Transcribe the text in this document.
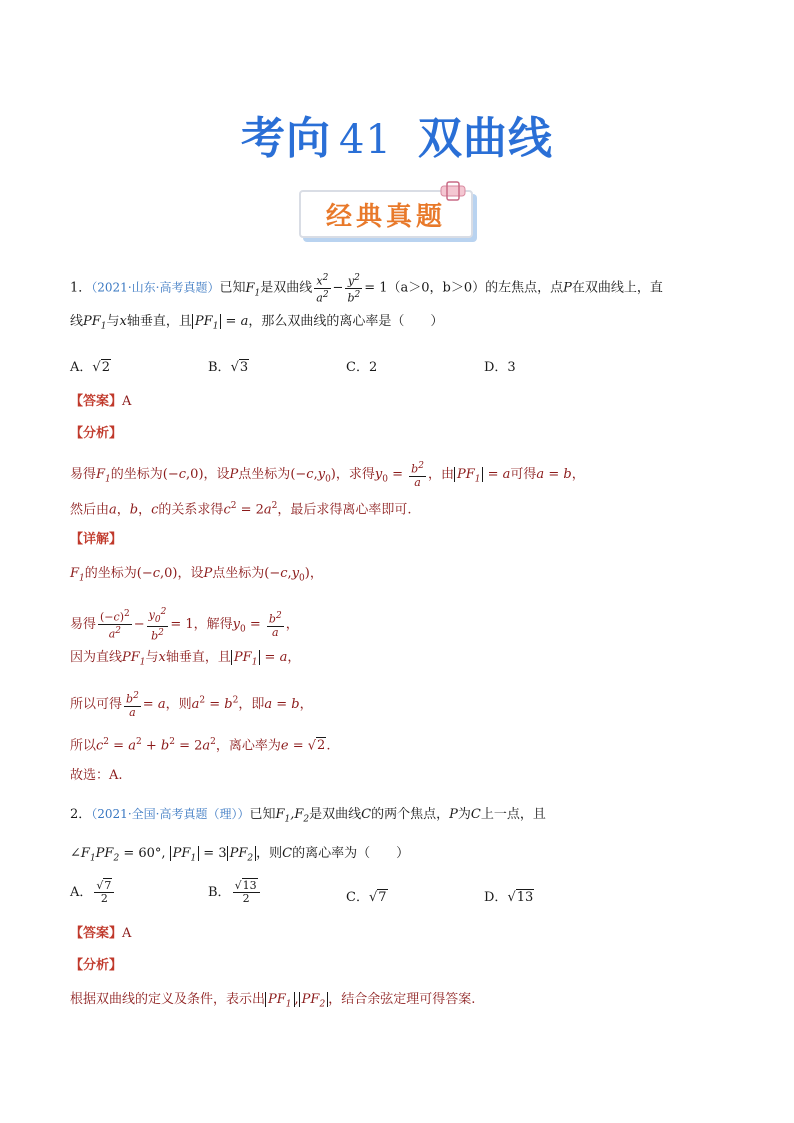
考向 41 双曲线
经典真题
1．（2021·山东·高考真题）已知$F_1$是双曲线 $\frac{x^2}{a^2} - \frac{y^2}{b^2} = 1(a>0$，b＞0）的左焦点，点P在双曲线上，直
线$PF_1$与x轴垂直，且 $PF_1 = a$，那么双曲线的离心率是（　　）
A．√2	B．√3	C．2	D．3
【答案】A
【分析】
易得$F_1$的坐标为(−c,0)，设P点坐标为$(-c,y_0)$，求得$y_0 = \frac{b^2}{a}$ ，由 $PF_1 = a$可得a = b，
然后由a，b，c的关系求得$c^2 = 2a^2$，最后求得离心率即可.
【详解】
$F_1$的坐标为(−c,0)，设P点坐标为$(-c,y_0)$，
易得 $\frac{(-c)^2}{a^2} - \frac{y_0^2}{b^2} = 1$，解得$y_0 = \frac{b^2}{a}$ ，
因为直线$PF_1$与x轴垂直，且 $PF_1 = a$，
所以可得 $\frac{b^2}{a} = a$，则$a^2 = b^2$，即a = b，
所以$c^2 = a^2 + b^2 = 2a^2$，离心率为e = √2.
故选：A.
2．（2021·全国·高考真题（理））已知$F_1,F_2$是双曲线C的两个焦点，P为C上一点，且
$\angle F_1PF_2 = 60^\circ$, $PF_1 = 3$ $PF_2$ ，则C的离心率为（　　）
A． $\frac{√7}{2}$	B． $\frac{√13}{2}$	C．√7	D．√13
【答案】A
【分析】
根据双曲线的定义及条件，表示出 $PF_1$ , $PF_2$ ，结合余弦定理可得答案.
